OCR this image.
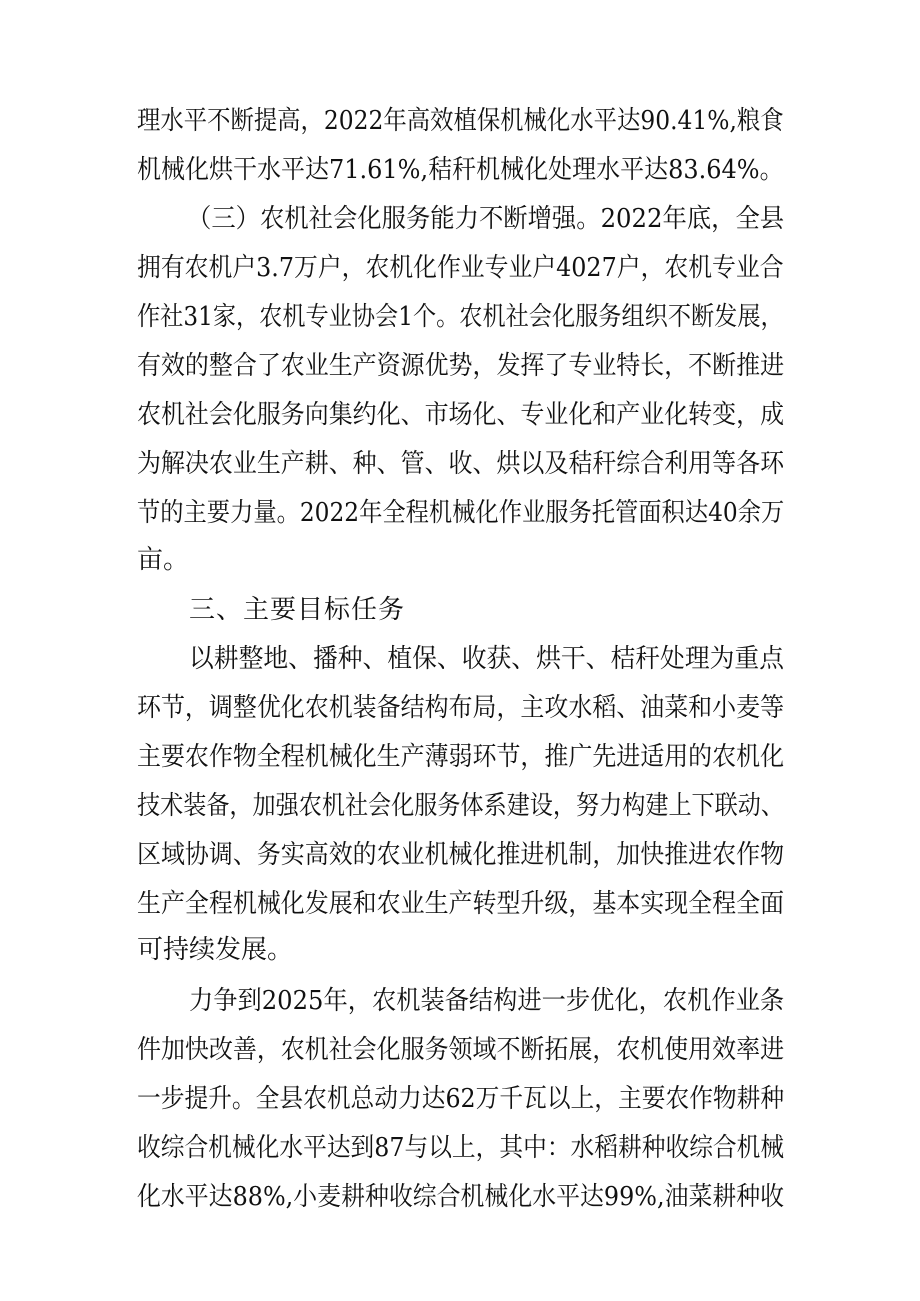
理水平不断提高，2022年高效植保机械化水平达90.41%,粮食
机械化烘干水平达71.61%,秸秆机械化处理水平达83.64%。
（三）农机社会化服务能力不断增强。2022年底，全县
拥有农机户3.7万户，农机化作业专业户4027户，农机专业合
作社31家，农机专业协会1个。农机社会化服务组织不断发展，
有效的整合了农业生产资源优势，发挥了专业特长，不断推进
农机社会化服务向集约化、市场化、专业化和产业化转变，成
为解决农业生产耕、种、管、收、烘以及秸秆综合利用等各环
节的主要力量。2022年全程机械化作业服务托管面积达40余万
亩。
三、主要目标任务
以耕整地、播种、植保、收获、烘干、桔秆处理为重点
环节，调整优化农机装备结构布局，主攻水稻、油菜和小麦等
主要农作物全程机械化生产薄弱环节，推广先进适用的农机化
技术装备，加强农机社会化服务体系建设，努力构建上下联动、
区域协调、务实高效的农业机械化推进机制，加快推进农作物
生产全程机械化发展和农业生产转型升级，基本实现全程全面
可持续发展。
力争到2025年，农机装备结构进一步优化，农机作业条
件加快改善，农机社会化服务领域不断拓展，农机使用效率进
一步提升。全县农机总动力达62万千瓦以上，主要农作物耕种
收综合机械化水平达到87与以上，其中：水稻耕种收综合机械
化水平达88%,小麦耕种收综合机械化水平达99%,油菜耕种收
